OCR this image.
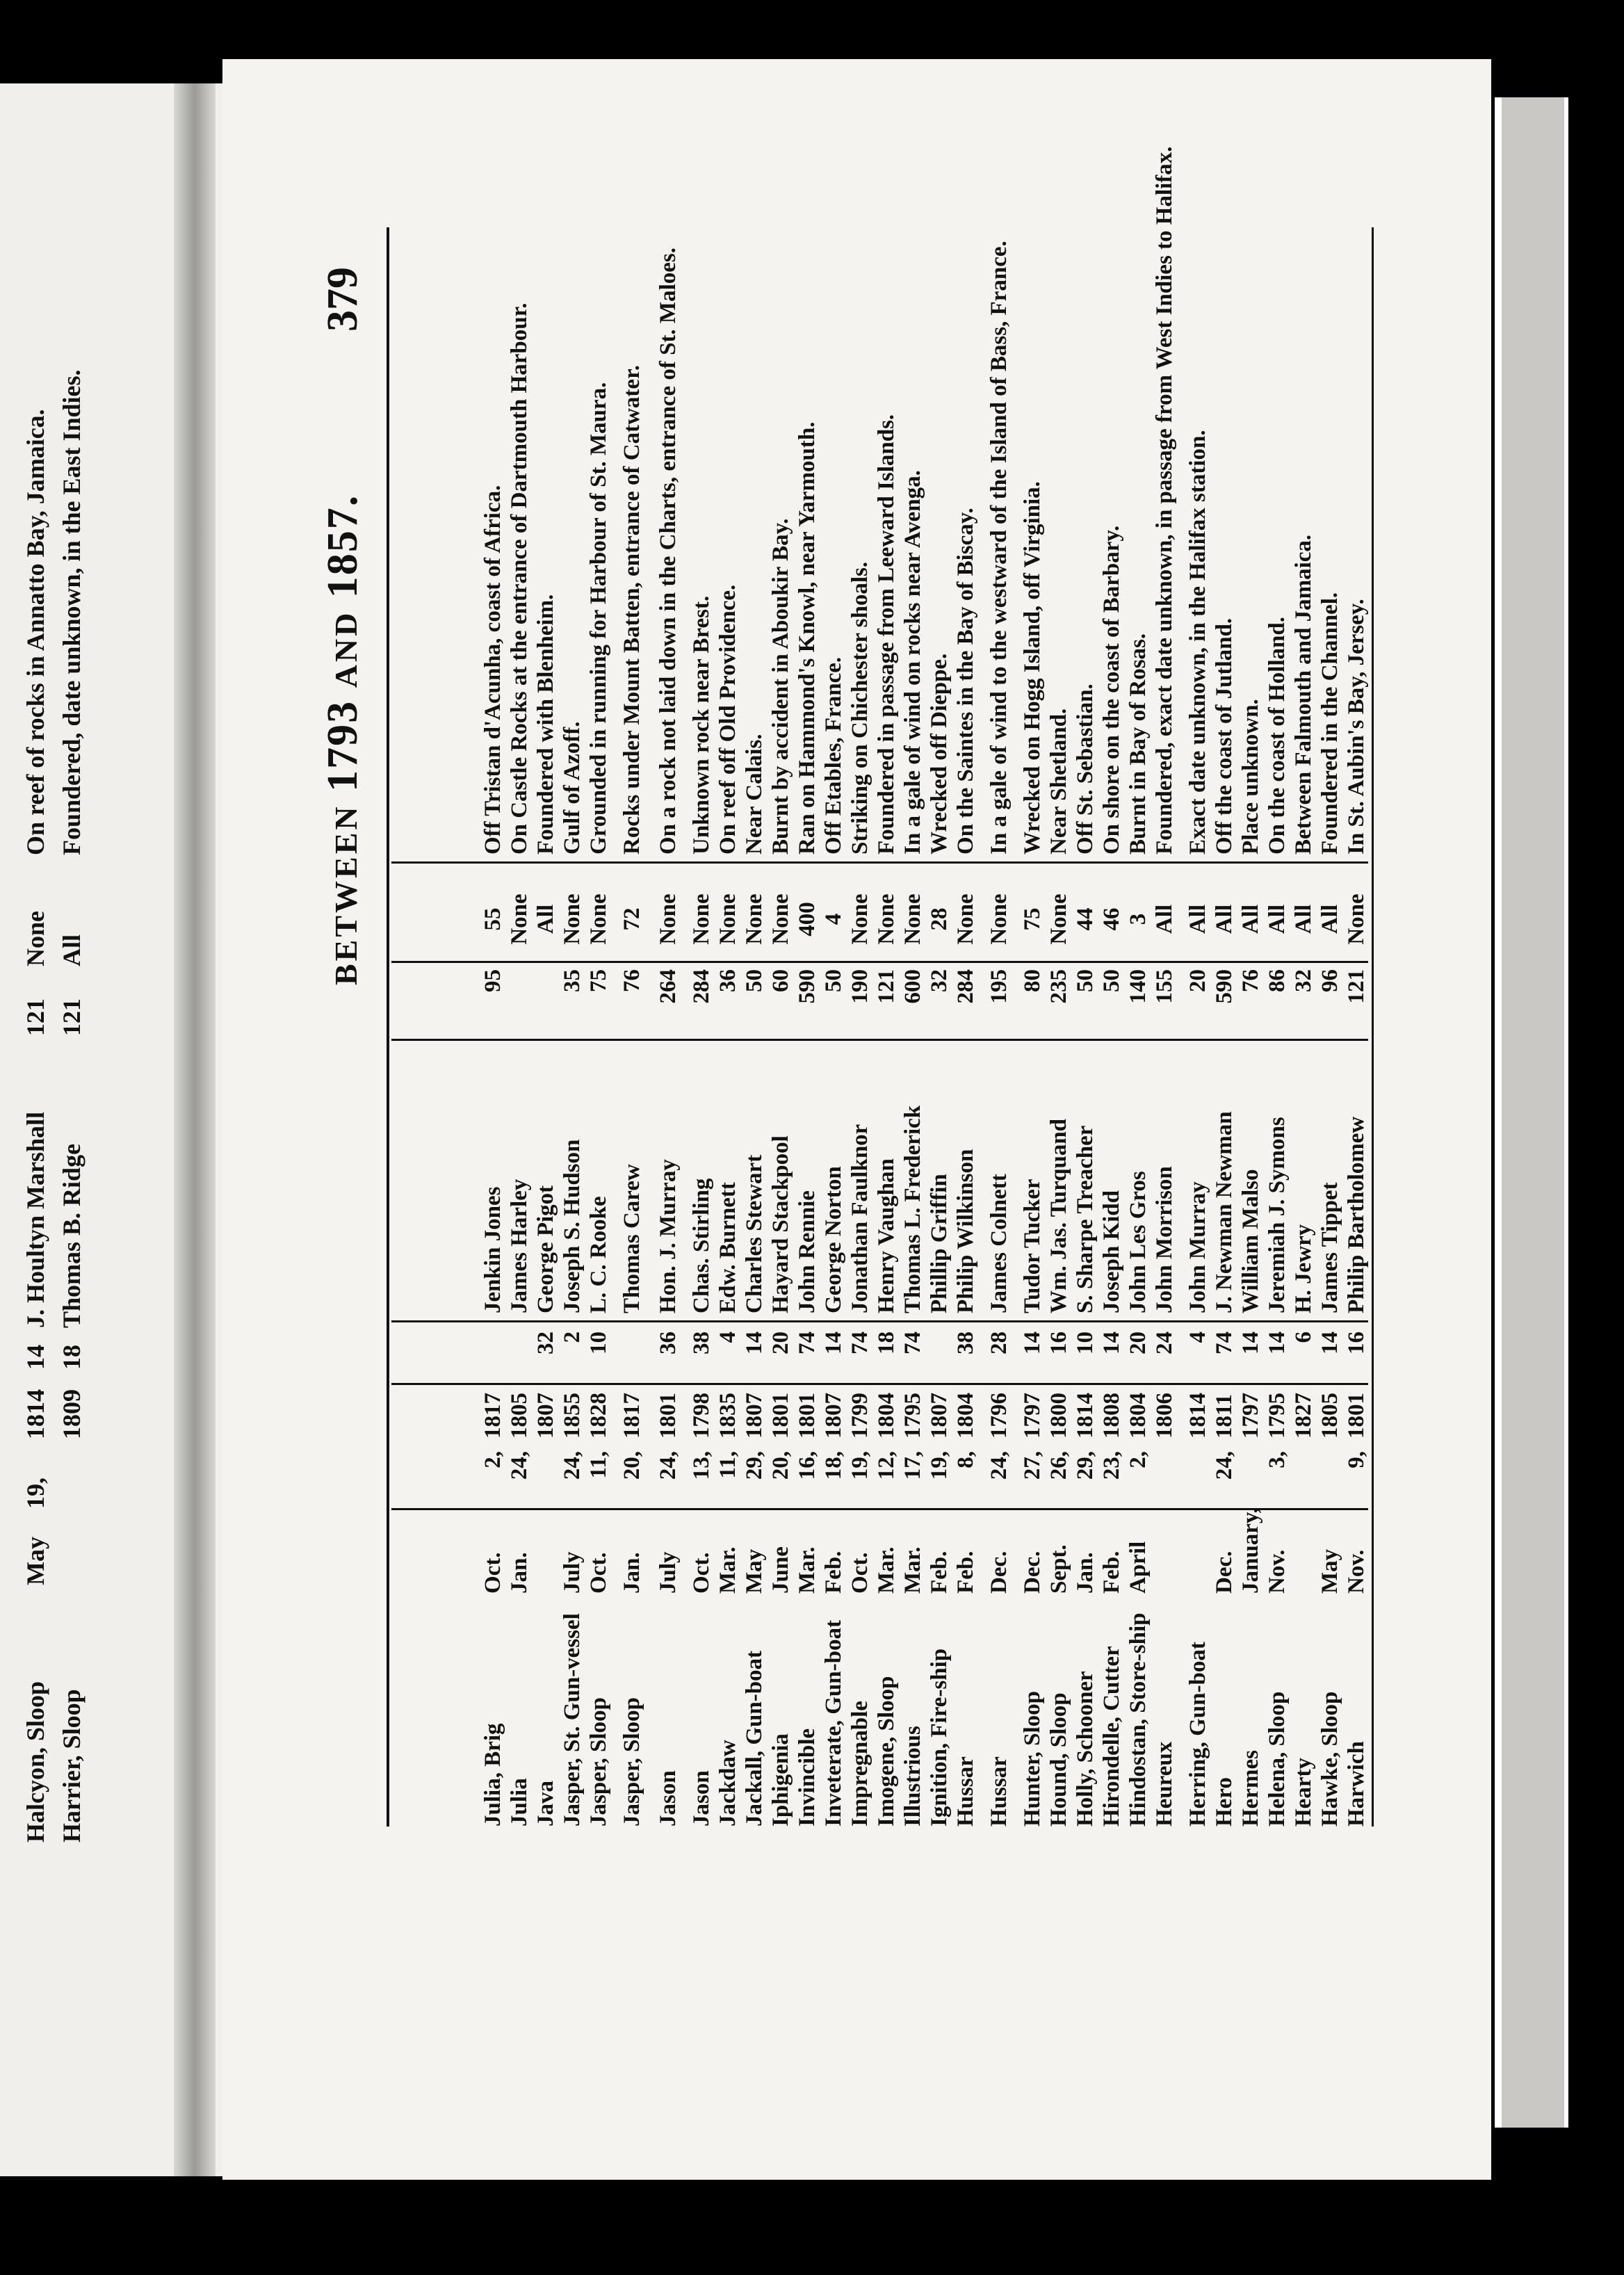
Halcyon, Sloop
May
19,
1814
14
J. Houltyn Marshall
121
None
On reef of rocks in Annatto Bay, Jamaica.
Harrier, Sloop
1809
18
Thomas B. Ridge
121
All
Foundered, date unknown, in the East Indies.
BETWEEN 1793 AND 1857.
379
Harwich
Nov.
9,
1801
16
Philip Bartholomew
121
None
In St. Aubin's Bay, Jersey.
Hawke, Sloop
May
1805
14
James Tippet
96
All
Foundered in the Channel.
Hearty
1827
6
H. Jewry
32
All
Between Falmouth and Jamaica.
Helena, Sloop
Nov.
3,
1795
14
Jeremiah J. Symons
86
All
On the coast of Holland.
Hermes
January,
1797
14
William Malso
76
All
Place unknown.
Hero
Dec.
24,
1811
74
J. Newman Newman
590
All
Off the coast of Jutland.
Herring, Gun-boat
1814
4
John Murray
20
All
Exact date unknown, in the Halifax station.
Heureux
1806
24
John Morrison
155
All
Foundered, exact date unknown, in passage from West Indies to Halifax.
Hindostan, Store-ship
April
2,
1804
20
John Les Gros
140
3
Burnt in Bay of Rosas.
Hirondelle, Cutter
Feb.
23,
1808
14
Joseph Kidd
50
46
On shore on the coast of Barbary.
Holly, Schooner
Jan.
29,
1814
10
S. Sharpe Treacher
50
44
Off St. Sebastian.
Hound, Sloop
Sept.
26,
1800
16
Wm. Jas. Turquand
235
None
Near Shetland.
Hunter, Sloop
Dec.
27,
1797
14
Tudor Tucker
80
75
Wrecked on Hogg Island, off Virginia.
Hussar
Dec.
24,
1796
28
James Colnett
195
None
In a gale of wind to the westward of the Island of Bass, France.
Hussar
Feb.
8,
1804
38
Philip Wilkinson
284
None
On the Saintes in the Bay of Biscay.
Ignition, Fire-ship
Feb.
19,
1807
Phillip Griffin
32
28
Wrecked off Dieppe.
Illustrious
Mar.
17,
1795
74
Thomas L. Frederick
600
None
In a gale of wind on rocks near Avenga.
Imogene, Sloop
Mar.
12,
1804
18
Henry Vaughan
121
None
Foundered in passage from Leeward Islands.
Impregnable
Oct.
19,
1799
74
Jonathan Faulknor
190
None
Striking on Chichester shoals.
Inveterate, Gun-boat
Feb.
18,
1807
14
George Norton
50
4
Off Etables, France.
Invincible
Mar.
16,
1801
74
John Rennie
590
400
Ran on Hammond's Knowl, near Yarmouth.
Iphigenia
June
20,
1801
20
Hayard Stackpool
60
None
Burnt by accident in Aboukir Bay.
Jackall, Gun-boat
May
29,
1807
14
Charles Stewart
50
None
Near Calais.
Jackdaw
Mar.
11,
1835
4
Edw. Burnett
36
None
On reef off Old Providence.
Jason
Oct.
13,
1798
38
Chas. Stirling
284
None
Unknown rock near Brest.
Jason
July
24,
1801
36
Hon. J. Murray
264
None
On a rock not laid down in the Charts, entrance of St. Maloes.
Jasper, Sloop
Jan.
20,
1817
Thomas Carew
76
72
Rocks under Mount Batten, entrance of Catwater.
Jasper, Sloop
Oct.
11,
1828
10
L. C. Rooke
75
None
Grounded in running for Harbour of St. Maura.
Jasper, St. Gun-vessel
July
24,
1855
2
Joseph S. Hudson
35
None
Gulf of Azoff.
Java
1807
32
George Pigot
All
Foundered with Blenheim.
Julia
Jan.
24,
1805
James Harley
None
On Castle Rocks at the entrance of Dartmouth Harbour.
Julia, Brig
Oct.
2,
1817
Jenkin Jones
95
55
Off Tristan d'Acunha, coast of Africa.
